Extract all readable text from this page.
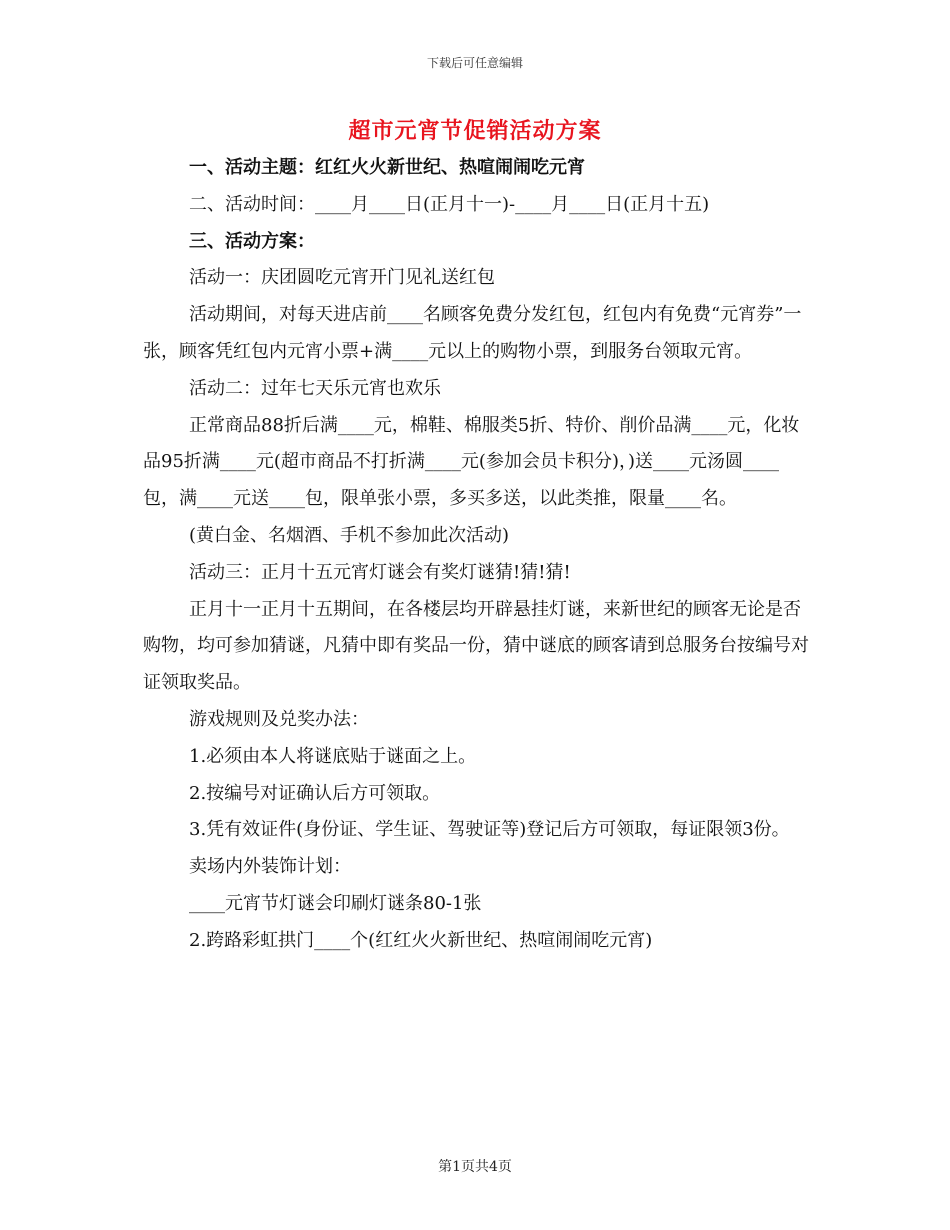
下载后可任意编辑
超市元宵节促销活动方案

一、活动主题：红红火火新世纪、热喧闹闹吃元宵

二、活动时间：____月____日(正月十一)-____月____日(正月十五)

三、活动方案：

活动一：庆团圆吃元宵开门见礼送红包

活动期间，对每天进店前____名顾客免费分发红包，红包内有免费“元宵券”一张，顾客凭红包内元宵小票+满____元以上的购物小票，到服务台领取元宵。

活动二：过年七天乐元宵也欢乐

正常商品88折后满____元，棉鞋、棉服类5折、特价、削价品满____元，化妆品95折满____元(超市商品不打折满____元(参加会员卡积分)，)送____元汤圆____包，满____元送____包，限单张小票，多买多送，以此类推，限量____名。

(黄白金、名烟酒、手机不参加此次活动)

活动三：正月十五元宵灯谜会有奖灯谜猜!猜!猜!

正月十一正月十五期间，在各楼层均开辟悬挂灯谜，来新世纪的顾客无论是否购物，均可参加猜谜，凡猜中即有奖品一份，猜中谜底的顾客请到总服务台按编号对证领取奖品。

游戏规则及兑奖办法：

1.必须由本人将谜底贴于谜面之上。

2.按编号对证确认后方可领取。

3.凭有效证件(身份证、学生证、驾驶证等)登记后方可领取，每证限领3份。

卖场内外装饰计划：

____元宵节灯谜会印刷灯谜条80-1张

2.跨路彩虹拱门____个(红红火火新世纪、热喧闹闹吃元宵)

第1页共4页
